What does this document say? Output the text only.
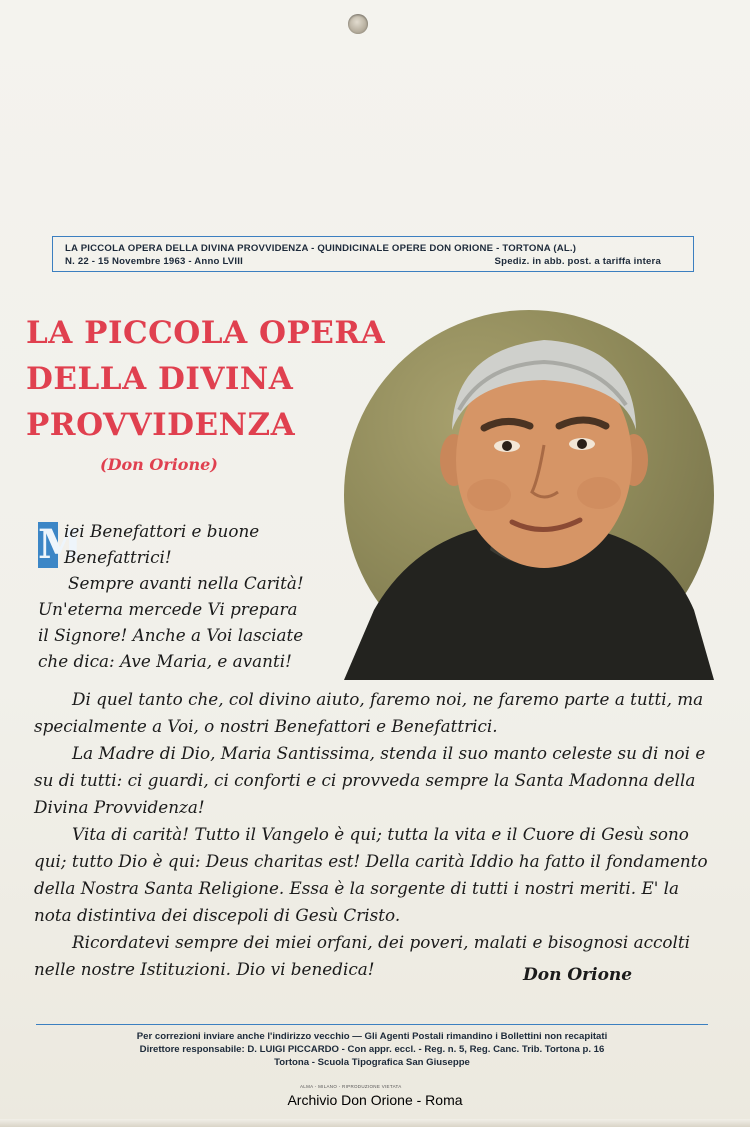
LA PICCOLA OPERA DELLA DIVINA PROVVIDENZA - QUINDICINALE OPERE DON ORIONE - TORTONA (AL.)
N. 22 - 15 Novembre 1963 - Anno LVIII	Spediz. in abb. post. a tariffa intera
LA PICCOLA OPERA
DELLA DIVINA
PROVVIDENZA
(Don Orione)
M

iei Benefattori e buone Benefattrici!

Sempre avanti nella Carità! Un'eterna mercede Vi prepara il Signore! Anche a Voi lasciate che dica: Ave Maria, e avanti!

Di quel tanto che, col divino aiuto, faremo noi, ne faremo parte a tutti, ma specialmente a Voi, o nostri Benefattori e Benefattrici.

La Madre di Dio, Maria Santissima, stenda il suo manto celeste su di noi e su di tutti: ci guardi, ci conforti e ci provveda sempre la Santa Madonna della Divina Provvidenza!

Vita di carità! Tutto il Vangelo è qui; tutta la vita e il Cuore di Gesù sono qui; tutto Dio è qui: Deus charitas est! Della carità Iddio ha fatto il fondamento della Nostra Santa Religione. Essa è la sorgente di tutti i nostri meriti. E' la nota distintiva dei discepoli di Gesù Cristo.

Ricordatevi sempre dei miei orfani, dei poveri, malati e bisognosi accolti nelle nostre Istituzioni. Dio vi benedica!	Don Orione
Per correzioni inviare anche l'indirizzo vecchio — Gli Agenti Postali rimandino i Bollettini non recapitati
Direttore responsabile: D. LUIGI PICCARDO - Con appr. eccl. - Reg. n. 5, Reg. Canc. Trib. Tortona p. 16
Tortona - Scuola Tipografica San Giuseppe
ALMA - MILANO - RIPRODUZIONE VIETATA
Archivio Don Orione - Roma
